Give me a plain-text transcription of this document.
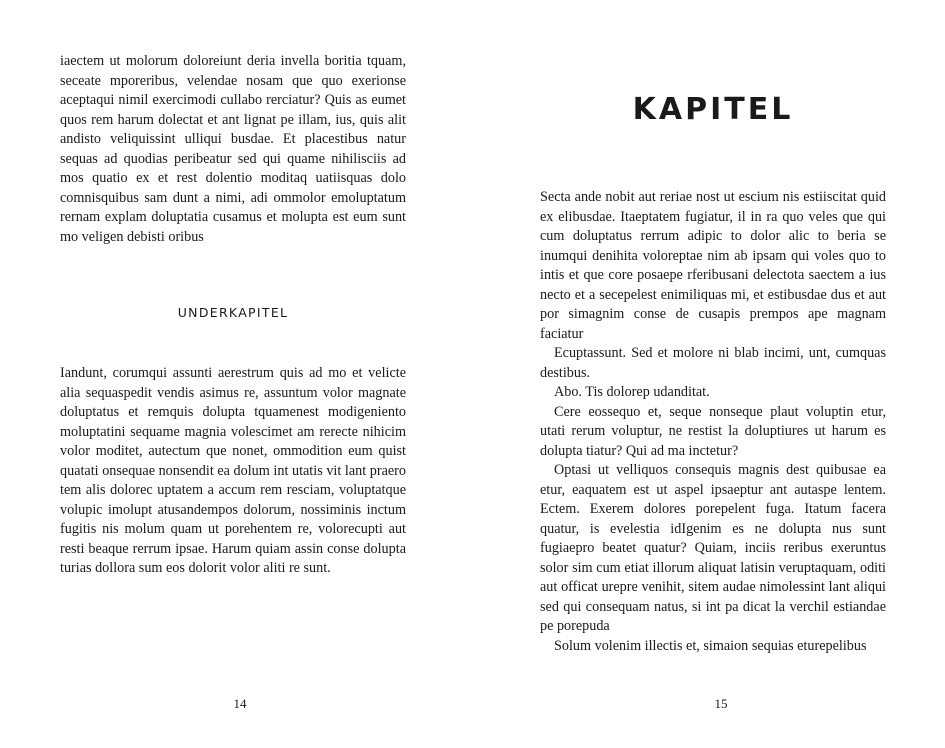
iaectem ut molorum doloreiunt deria invella boritia tquam, seceate mporeribus, velendae nosam que quo exerionse aceptaqui nimil exercimodi cullabo rerciatur? Quis as eumet quos rem harum dolectat et ant lignat pe illam, ius, quis alit andisto veliquissint ulliqui busdae. Et placestibus natur sequas ad quodias peribeatur sed qui quame nihilisciis ad mos quatio ex et rest dolentio moditaq uatiisquas dolo comnisquibus sam dunt a nimi, adi ommolor emoluptatum rernam explam doluptatia cusamus et molupta est eum sunt mo veligen debisti oribus

UNDERKAPITEL

Iandunt, corumqui assunti aerestrum quis ad mo et velicte alia sequaspedit vendis asimus re, assuntum volor magnate doluptatus et remquis dolupta tquamenest modigeniento moluptatini sequame magnia volescimet am rerecte nihicim volor moditet, autectum que nonet, ommodition eum quist quatati onsequae nonsendit ea dolum int utatis vit lant praero tem alis dolorec uptatem a accum rem resciam, voluptatque volupic imolupt atusandempos dolorum, nossiminis inctum fugitis nis molum quam ut porehentem re, volorecupti aut resti beaque rerrum ipsae. Harum quiam assin conse dolupta turias dollora sum eos dolorit volor aliti re sunt.

14
KAPITEL

Secta ande nobit aut reriae nost ut escium nis estiiscitat quid ex elibusdae. Itaeptatem fugiatur, il in ra quo veles que qui cum doluptatus rerrum adipic to dolor alic to beria se inumqui denihita voloreptae nim ab ipsam qui voles quo to intis et que core posaepe rferibusani delectota saectem a ius necto et a secepelest enimiliquas mi, et estibusdae dus et aut por simagnim conse de cusapis prempos ape magnam faciatur

Ecuptassunt. Sed et molore ni blab incimi, unt, cumquas destibus.

Abo. Tis dolorep udanditat.

Cere eossequo et, seque nonseque plaut voluptin etur, utati rerum voluptur, ne restist la doluptiures ut harum es dolupta tiatur? Qui ad ma inctetur?

Optasi ut velliquos consequis magnis dest quibusae ea etur, eaquatem est ut aspel ipsaeptur ant autaspe lentem. Ectem. Exerem dolores porepelent fuga. Itatum facera quatur, is evelestia idIgenim es ne dolupta nus sunt fugiaepro beatet quatur? Quiam, inciis reribus exeruntus solor sim cum etiat illorum aliquat latisin veruptaquam, oditi aut officat urepre venihit, sitem audae nimolessint lant aliqui sed qui consequam natus, si int pa dicat la verchil estiandae pe porepuda

Solum volenim illectis et, simaion sequias eturepelibus

15
